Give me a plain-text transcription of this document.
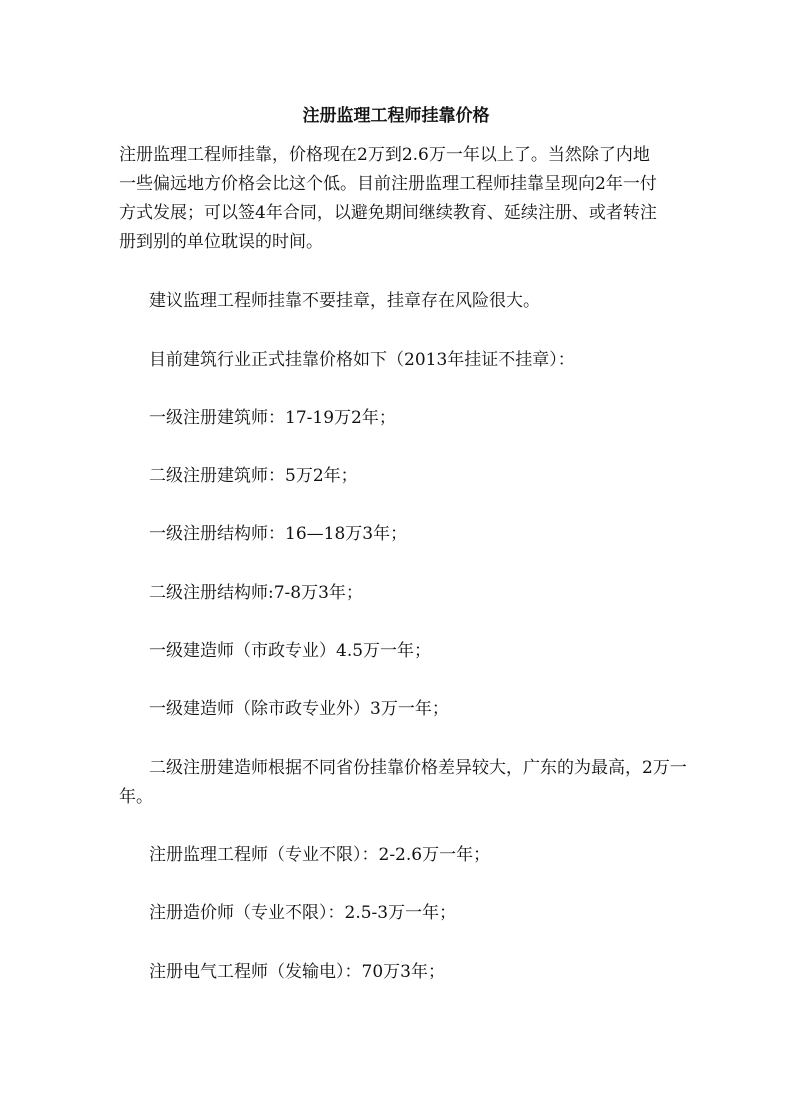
注册监理工程师挂靠价格

注册监理工程师挂靠，价格现在2万到2.6万一年以上了。当然除了内地一些偏远地方价格会比这个低。目前注册监理工程师挂靠呈现向2年一付方式发展；可以签4年合同，以避免期间继续教育、延续注册、或者转注册到别的单位耽误的时间。

建议监理工程师挂靠不要挂章，挂章存在风险很大。

目前建筑行业正式挂靠价格如下（2013年挂证不挂章）：

一级注册建筑师：17-19万2年；

二级注册建筑师：5万2年；

一级注册结构师：16—18万3年；

二级注册结构师:7-8万3年；

一级建造师（市政专业）4.5万一年；

一级建造师（除市政专业外）3万一年；

二级注册建造师根据不同省份挂靠价格差异较大，广东的为最高，2万一年。

注册监理工程师（专业不限）：2-2.6万一年；

注册造价师（专业不限）：2.5-3万一年；

注册电气工程师（发输电）：70万3年；
